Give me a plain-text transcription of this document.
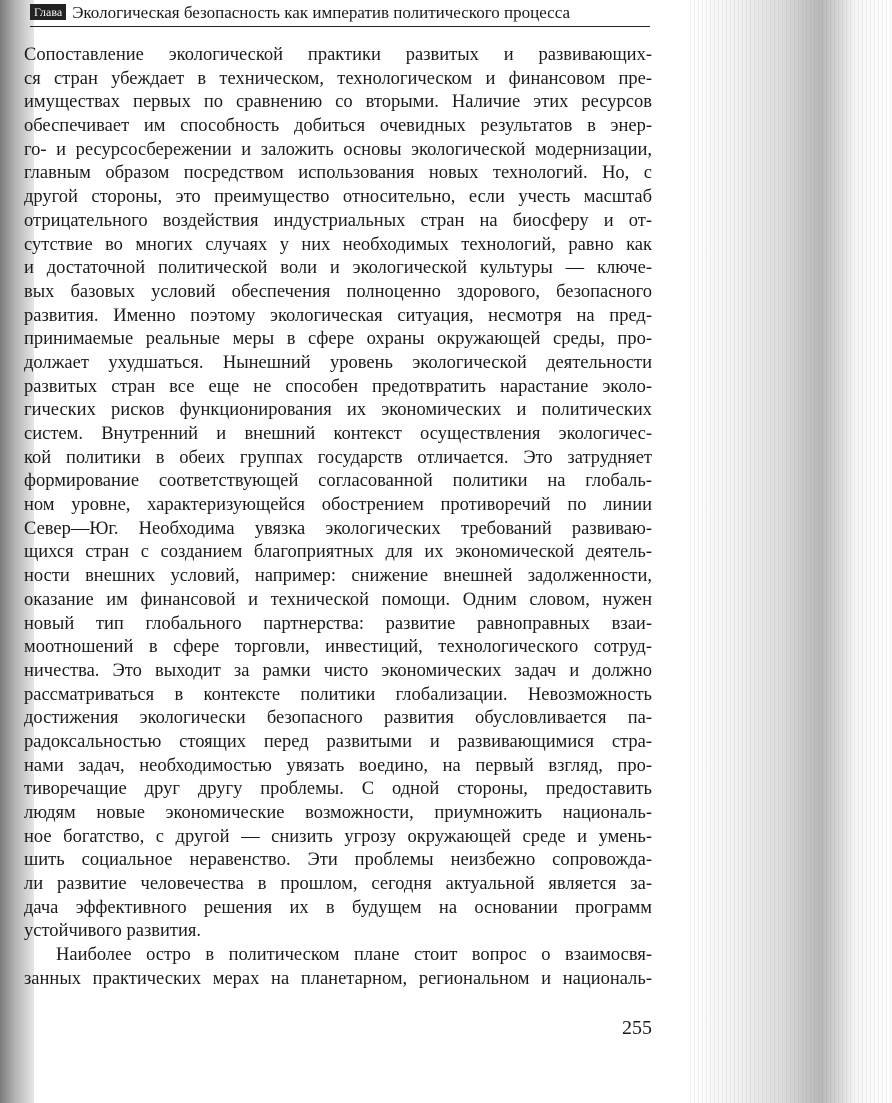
Глава Экологическая безопасность как императив политического процесса
Сопоставление экологической практики развитых и развивающих-
ся стран убеждает в техническом, технологическом и финансовом пре-
имуществах первых по сравнению со вторыми. Наличие этих ресурсов
обеспечивает им способность добиться очевидных результатов в энер-
го- и ресурсосбережении и заложить основы экологической модернизации,
главным образом посредством использования новых технологий. Но, с
другой стороны, это преимущество относительно, если учесть масштаб
отрицательного воздействия индустриальных стран на биосферу и от-
сутствие во многих случаях у них необходимых технологий, равно как
и достаточной политической воли и экологической культуры — ключе-
вых базовых условий обеспечения полноценно здорового, безопасного
развития. Именно поэтому экологическая ситуация, несмотря на пред-
принимаемые реальные меры в сфере охраны окружающей среды, про-
должает ухудшаться. Нынешний уровень экологической деятельности
развитых стран все еще не способен предотвратить нарастание эколо-
гических рисков функционирования их экономических и политических
систем. Внутренний и внешний контекст осуществления экологичес-
кой политики в обеих группах государств отличается. Это затрудняет
формирование соответствующей согласованной политики на глобаль-
ном уровне, характеризующейся обострением противоречий по линии
Север—Юг. Необходима увязка экологических требований развиваю-
щихся стран с созданием благоприятных для их экономической деятель-
ности внешних условий, например: снижение внешней задолженности,
оказание им финансовой и технической помощи. Одним словом, нужен
новый тип глобального партнерства: развитие равноправных взаи-
моотношений в сфере торговли, инвестиций, технологического сотруд-
ничества. Это выходит за рамки чисто экономических задач и должно
рассматриваться в контексте политики глобализации. Невозможность
достижения экологически безопасного развития обусловливается па-
радоксальностью стоящих перед развитыми и развивающимися стра-
нами задач, необходимостью увязать воедино, на первый взгляд, про-
тиворечащие друг другу проблемы. С одной стороны, предоставить
людям новые экономические возможности, приумножить националь-
ное богатство, с другой — снизить угрозу окружающей среде и умень-
шить социальное неравенство. Эти проблемы неизбежно сопровожда-
ли развитие человечества в прошлом, сегодня актуальной является за-
дача эффективного решения их в будущем на основании программ
устойчивого развития.
Наиболее остро в политическом плане стоит вопрос о взаимосвя-
занных практических мерах на планетарном, региональном и националь-
255
